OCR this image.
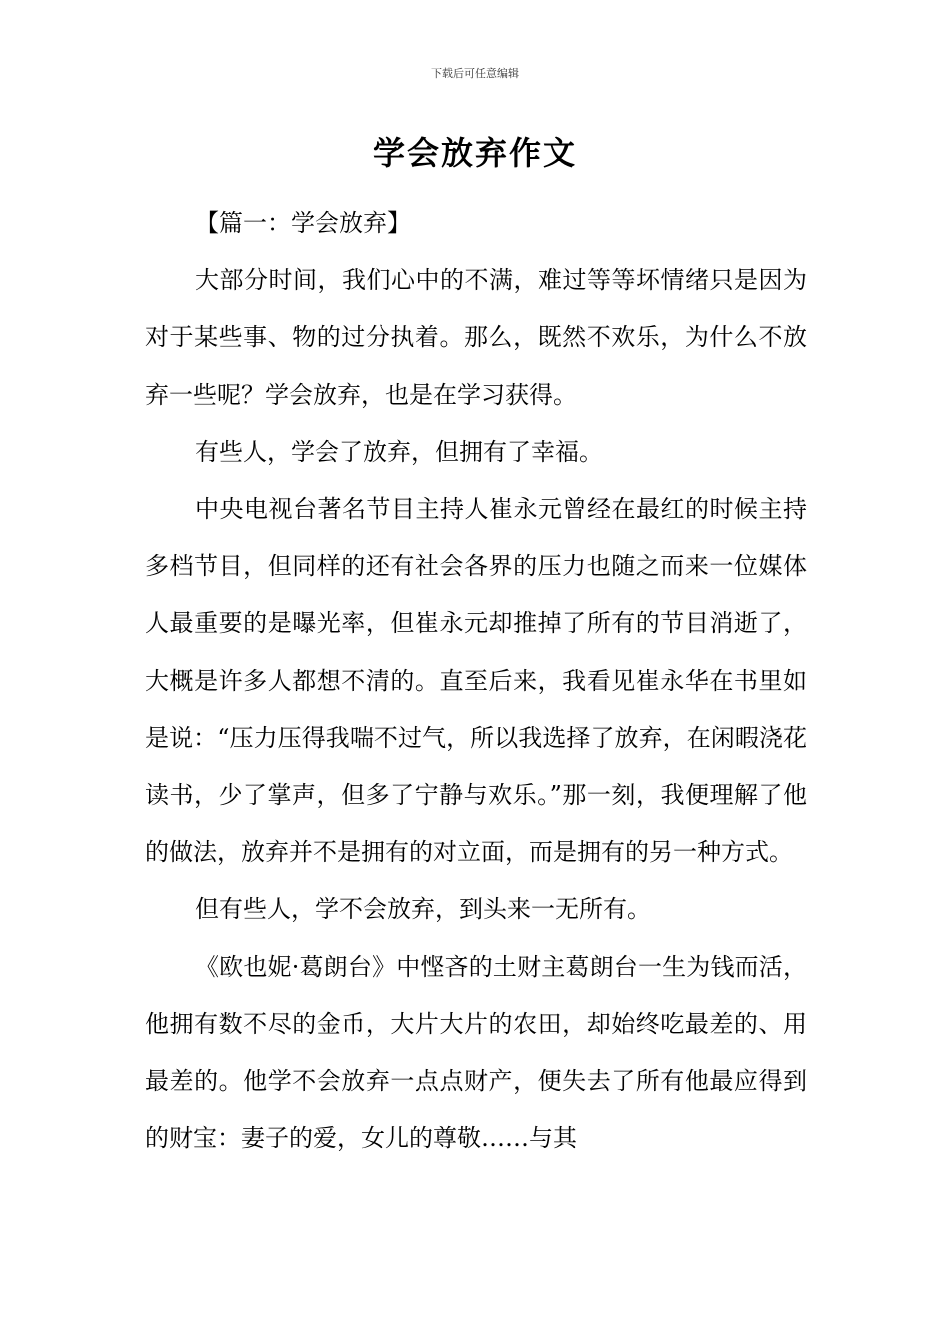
下载后可任意编辑
学会放弃作文

【篇一：学会放弃】

大部分时间，我们心中的不满，难过等等坏情绪只是因为对于某些事、物的过分执着。那么，既然不欢乐，为什么不放弃一些呢？学会放弃，也是在学习获得。

有些人，学会了放弃，但拥有了幸福。

中央电视台著名节目主持人崔永元曾经在最红的时候主持多档节目，但同样的还有社会各界的压力也随之而来一位媒体人最重要的是曝光率，但崔永元却推掉了所有的节目消逝了，大概是许多人都想不清的。直至后来，我看见崔永华在书里如是说：“压力压得我喘不过气，所以我选择了放弃，在闲暇浇花读书，少了掌声，但多了宁静与欢乐。”那一刻，我便理解了他的做法，放弃并不是拥有的对立面，而是拥有的另一种方式。

但有些人，学不会放弃，到头来一无所有。

《欧也妮·葛朗台》中悭吝的土财主葛朗台一生为钱而活，他拥有数不尽的金币，大片大片的农田，却始终吃最差的、用最差的。他学不会放弃一点点财产，便失去了所有他最应得到的财宝：妻子的爱，女儿的尊敬……与其
